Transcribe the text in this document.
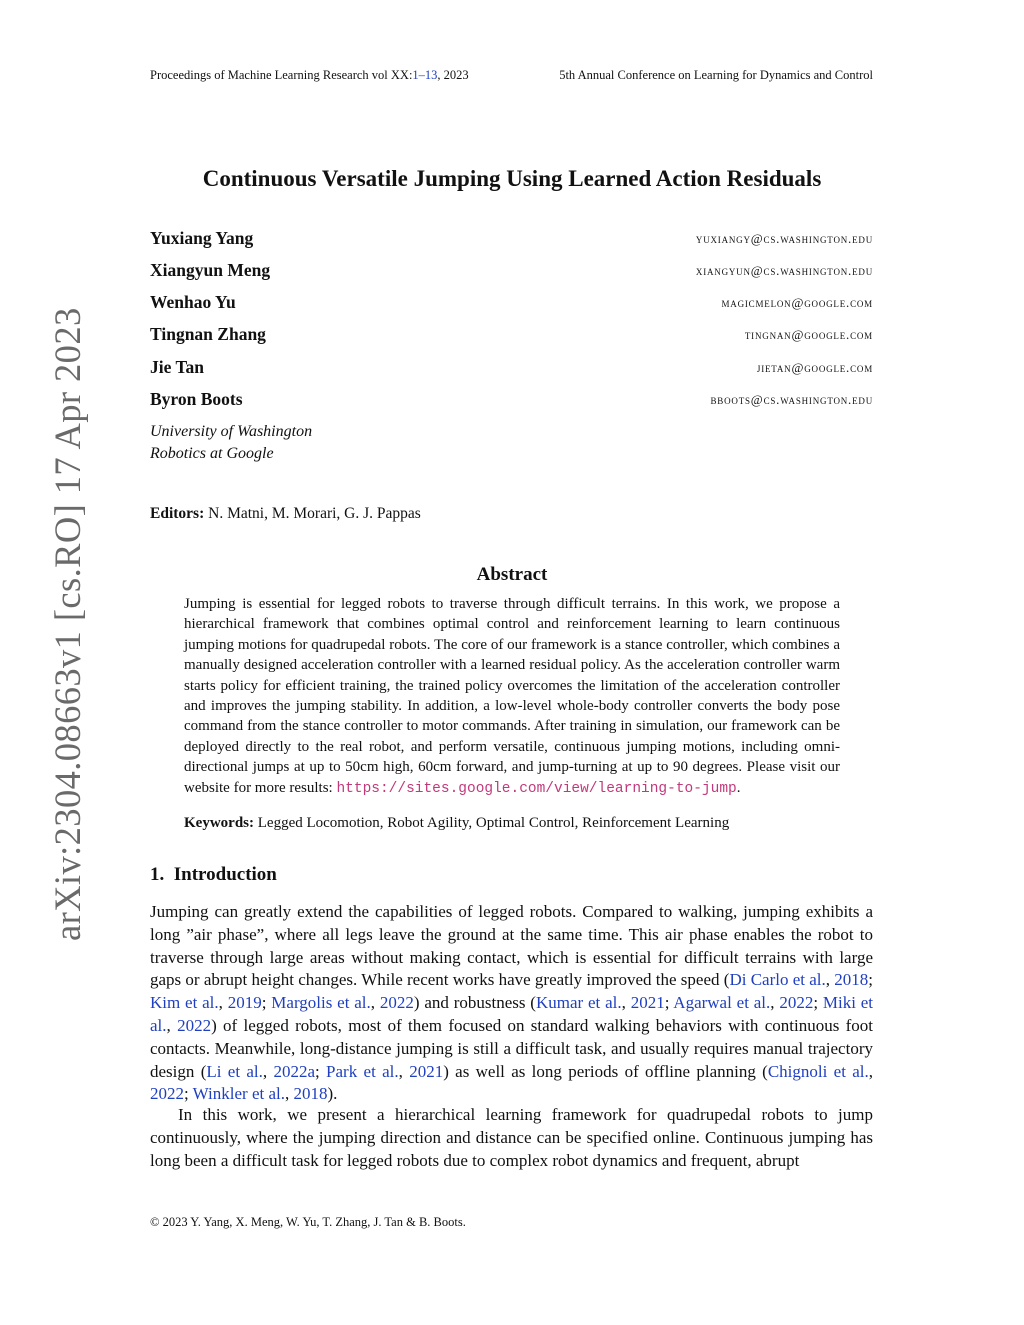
Proceedings of Machine Learning Research vol XX:1–13, 2023	5th Annual Conference on Learning for Dynamics and Control
arXiv:2304.08663v1 [cs.RO] 17 Apr 2023
Continuous Versatile Jumping Using Learned Action Residuals
Yuxiang Yang	yuxiangy@cs.washington.edu
Xiangyun Meng	xiangyun@cs.washington.edu
Wenhao Yu	magicmelon@google.com
Tingnan Zhang	tingnan@google.com
Jie Tan	jietan@google.com
Byron Boots	bboots@cs.washington.edu
University of Washington
Robotics at Google
Editors: N. Matni, M. Morari, G. J. Pappas
Abstract
Jumping is essential for legged robots to traverse through difficult terrains. In this work, we propose a hierarchical framework that combines optimal control and reinforcement learning to learn continuous jumping motions for quadrupedal robots. The core of our framework is a stance controller, which combines a manually designed acceleration controller with a learned residual policy. As the acceleration controller warm starts policy for efficient training, the trained policy overcomes the limitation of the acceleration controller and improves the jumping stability. In addition, a low-level whole-body controller converts the body pose command from the stance controller to motor commands. After training in simulation, our framework can be deployed directly to the real robot, and perform versatile, continuous jumping motions, including omni-directional jumps at up to 50cm high, 60cm forward, and jump-turning at up to 90 degrees. Please visit our website for more results: https://sites.google.com/view/learning-to-jump.
Keywords: Legged Locomotion, Robot Agility, Optimal Control, Reinforcement Learning
1. Introduction
Jumping can greatly extend the capabilities of legged robots. Compared to walking, jumping exhibits a long ”air phase”, where all legs leave the ground at the same time. This air phase enables the robot to traverse through large areas without making contact, which is essential for difficult terrains with large gaps or abrupt height changes. While recent works have greatly improved the speed (Di Carlo et al., 2018; Kim et al., 2019; Margolis et al., 2022) and robustness (Kumar et al., 2021; Agarwal et al., 2022; Miki et al., 2022) of legged robots, most of them focused on standard walking behaviors with continuous foot contacts. Meanwhile, long-distance jumping is still a difficult task, and usually requires manual trajectory design (Li et al., 2022a; Park et al., 2021) as well as long periods of offline planning (Chignoli et al., 2022; Winkler et al., 2018).
In this work, we present a hierarchical learning framework for quadrupedal robots to jump continuously, where the jumping direction and distance can be specified online. Continuous jumping has long been a difficult task for legged robots due to complex robot dynamics and frequent, abrupt
© 2023 Y. Yang, X. Meng, W. Yu, T. Zhang, J. Tan & B. Boots.
